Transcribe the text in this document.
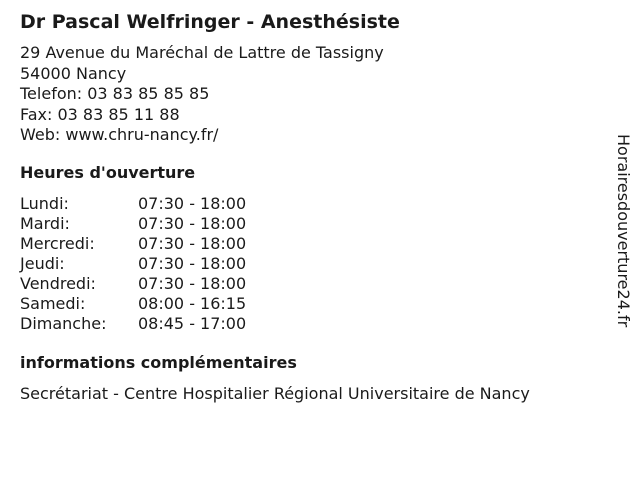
Dr Pascal Welfringer - Anesthésiste
29 Avenue du Maréchal de Lattre de Tassigny
54000 Nancy
Telefon: 03 83 85 85 85
Fax: 03 83 85 11 88
Web: www.chru-nancy.fr/
Heures d'ouverture
Lundi:	07:30 - 18:00
Mardi:	07:30 - 18:00
Mercredi:	07:30 - 18:00
Jeudi:	07:30 - 18:00
Vendredi:	07:30 - 18:00
Samedi:	08:00 - 16:15
Dimanche: 08:45 - 17:00
informations complémentaires
Secrétariat - Centre Hospitalier Régional Universitaire de Nancy
Horairesdouverture24.fr
